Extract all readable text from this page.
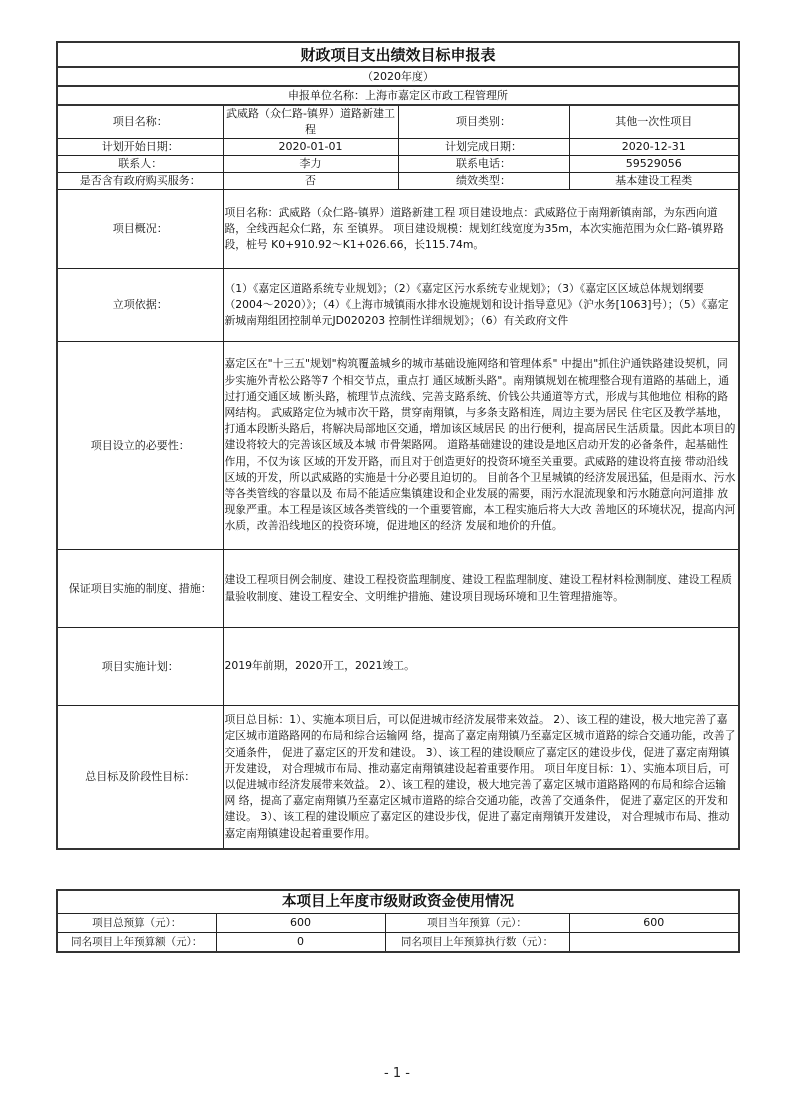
财政项目支出绩效目标申报表			
（2020年度）			
申报单位名称：上海市嘉定区市政工程管理所			
项目名称：	武威路（众仁路-镇界）道路新建工程	项目类别：	其他一次性项目
计划开始日期：	2020-01-01	计划完成日期：	2020-12-31
联系人：	李力	联系电话：	59529056
是否含有政府购买服务：	否	绩效类型：	基本建设工程类
项目概况：	项目名称：武威路（众仁路-镇界）道路新建工程 项目建设地点：武威路位于南翔新镇南部，为东西向道路，全线西起众仁路，东 至镇界。 项目建设规模：规划红线宽度为35m，本次实施范围为众仁路-镇界路段，桩号 K0+910.92～K1+026.66，长115.74m。		
立项依据：	（1）《嘉定区道路系统专业规划》；（2）《嘉定区污水系统专业规划》；（3）《嘉定区区域总体规划纲要（2004～2020）》；（4）《上海市城镇雨水排水设施规划和设计指导意见》（沪水务[1063]号）；（5）《嘉定新城南翔组团控制单元JD020203 控制性详细规划》；（6）有关政府文件		
项目设立的必要性：	嘉定区在"十三五"规划"构筑覆盖城乡的城市基础设施网络和管理体系" 中提出"抓住沪通铁路建设契机，同步实施外青松公路等7 个相交节点，重点打 通区域断头路"。南翔镇规划在梳理整合现有道路的基础上，通过打通交通区域 断头路，梳理节点流线、完善支路系统、价钱公共通道等方式，形成与其他地位 相称的路网结构。 武威路定位为城市次干路，贯穿南翔镇，与多条支路相连，周边主要为居民 住宅区及教学基地，打通本段断头路后，将解决局部地区交通，增加该区域居民 的出行便利，提高居民生活质量。因此本项目的建设将较大的完善该区域及本城 市骨架路网。 道路基础建设的建设是地区启动开发的必备条件，起基础性作用，不仅为该 区域的开发开路，而且对于创造更好的投资环境至关重要。武威路的建设将直接 带动沿线区域的开发，所以武威路的实施是十分必要且迫切的。 目前各个卫星城镇的经济发展迅猛，但是雨水、污水等各类管线的容量以及 布局不能适应集镇建设和企业发展的需要，雨污水混流现象和污水随意向河道排 放现象严重。本工程是该区域各类管线的一个重要管廊，本工程实施后将大大改 善地区的环境状况，提高内河水质，改善沿线地区的投资环境，促进地区的经济 发展和地价的升值。		
保证项目实施的制度、措施：	建设工程项目例会制度、建设工程投资监理制度、建设工程监理制度、建设工程材料检测制度、建设工程质量验收制度、建设工程安全、文明维护措施、建设项目现场环境和卫生管理措施等。		
项目实施计划：	2019年前期，2020开工，2021竣工。		
总目标及阶段性目标：	项目总目标：1）、实施本项目后，可以促进城市经济发展带来效益。 2）、该工程的建设，极大地完善了嘉定区城市道路路网的布局和综合运输网 络，提高了嘉定南翔镇乃至嘉定区城市道路的综合交通功能，改善了交通条件， 促进了嘉定区的开发和建设。 3）、该工程的建设顺应了嘉定区的建设步伐，促进了嘉定南翔镇开发建设， 对合理城市布局、推动嘉定南翔镇建设起着重要作用。 项目年度目标：1）、实施本项目后，可以促进城市经济发展带来效益。 2）、该工程的建设，极大地完善了嘉定区城市道路路网的布局和综合运输网 络，提高了嘉定南翔镇乃至嘉定区城市道路的综合交通功能，改善了交通条件， 促进了嘉定区的开发和建设。 3）、该工程的建设顺应了嘉定区的建设步伐，促进了嘉定南翔镇开发建设， 对合理城市布局、推动嘉定南翔镇建设起着重要作用。		
本项目上年度市级财政资金使用情况			
项目总预算（元）：	600	项目当年预算（元）：	600
同名项目上年预算额（元）：	0	同名项目上年预算执行数（元）：	
- 1 -
